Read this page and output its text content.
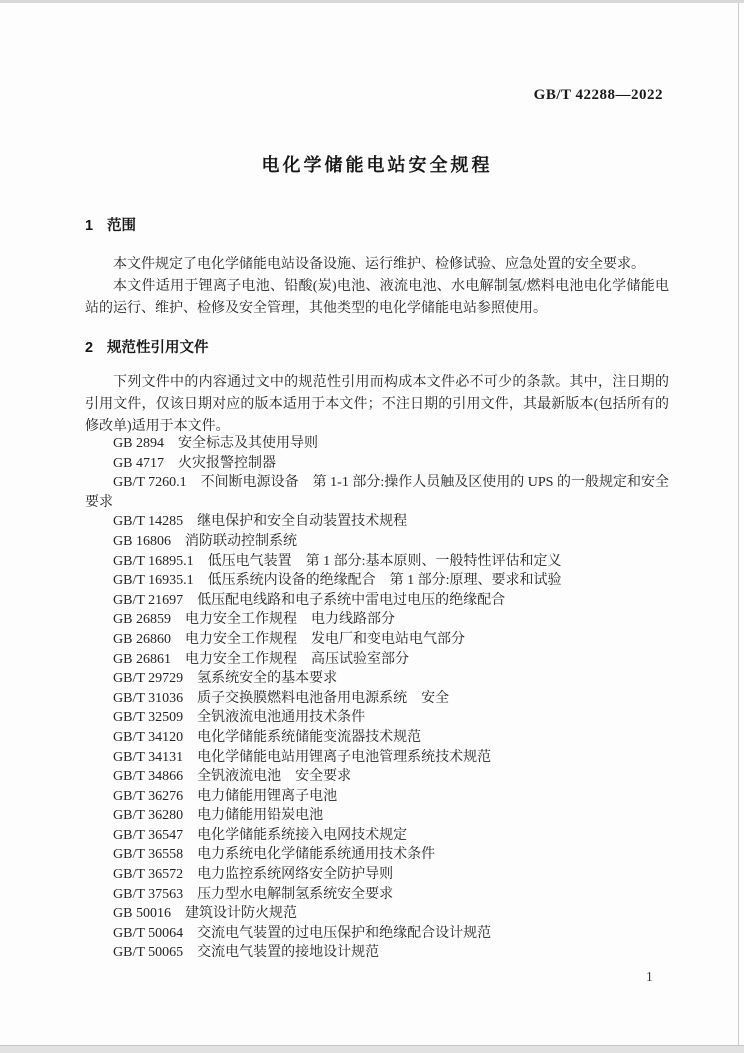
GB/T 42288—2022
电化学储能电站安全规程
1 范围

本文件规定了电化学储能电站设备设施、运行维护、检修试验、应急处置的安全要求。

本文件适用于锂离子电池、铅酸(炭)电池、液流电池、水电解制氢/燃料电池电化学储能电站的运行、维护、检修及安全管理，其他类型的电化学储能电站参照使用。

2 规范性引用文件

下列文件中的内容通过文中的规范性引用而构成本文件必不可少的条款。其中，注日期的引用文件，仅该日期对应的版本适用于本文件；不注日期的引用文件，其最新版本(包括所有的修改单)适用于本文件。

GB 2894 安全标志及其使用导则

GB 4717 火灾报警控制器

GB/T 7260.1 不间断电源设备　第 1-1 部分:操作人员触及区使用的 UPS 的一般规定和安全要求

GB/T 14285 继电保护和安全自动装置技术规程

GB 16806 消防联动控制系统

GB/T 16895.1 低压电气装置　第 1 部分:基本原则、一般特性评估和定义

GB/T 16935.1 低压系统内设备的绝缘配合　第 1 部分:原理、要求和试验

GB/T 21697 低压配电线路和电子系统中雷电过电压的绝缘配合

GB 26859 电力安全工作规程　电力线路部分

GB 26860 电力安全工作规程　发电厂和变电站电气部分

GB 26861 电力安全工作规程　高压试验室部分

GB/T 29729 氢系统安全的基本要求

GB/T 31036 质子交换膜燃料电池备用电源系统　安全

GB/T 32509 全钒液流电池通用技术条件

GB/T 34120 电化学储能系统储能变流器技术规范

GB/T 34131 电化学储能电站用锂离子电池管理系统技术规范

GB/T 34866 全钒液流电池　安全要求

GB/T 36276 电力储能用锂离子电池

GB/T 36280 电力储能用铅炭电池

GB/T 36547 电化学储能系统接入电网技术规定

GB/T 36558 电力系统电化学储能系统通用技术条件

GB/T 36572 电力监控系统网络安全防护导则

GB/T 37563 压力型水电解制氢系统安全要求

GB 50016 建筑设计防火规范

GB/T 50064 交流电气装置的过电压保护和绝缘配合设计规范

GB/T 50065 交流电气装置的接地设计规范

1
